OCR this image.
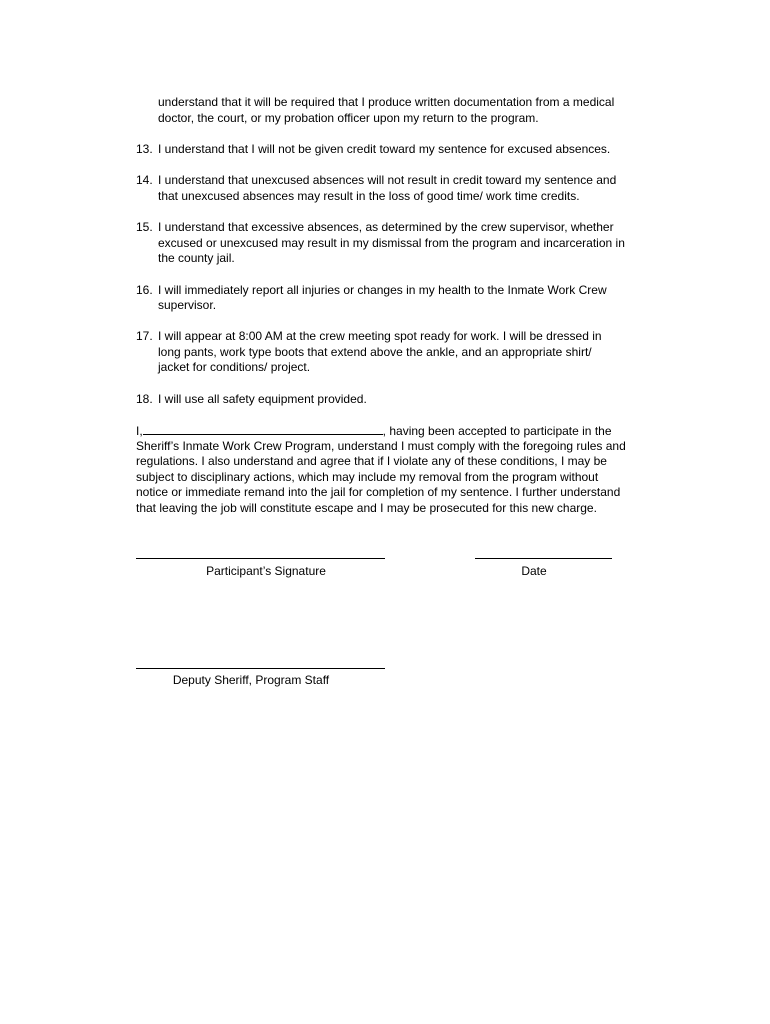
understand that it will be required that I produce written documentation from a medical
doctor, the court, or my probation officer upon my return to the program.
13. I understand that I will not be given credit toward my sentence for excused absences.
14. I understand that unexcused absences will not result in credit toward my sentence and
that unexcused absences may result in the loss of good time/ work time credits.
15. I understand that excessive absences, as determined by the crew supervisor, whether
excused or unexcused may result in my dismissal from the program and incarceration in
the county jail.
16. I will immediately report all injuries or changes in my health to the Inmate Work Crew
supervisor.
17. I will appear at 8:00 AM at the crew meeting spot ready for work. I will be dressed in
long pants, work type boots that extend above the ankle, and an appropriate shirt/
jacket for conditions/ project.
18. I will use all safety equipment provided.
I,	, having been accepted to participate in the
Sheriff’s Inmate Work Crew Program, understand I must comply with the foregoing rules and
regulations. I also understand and agree that if I violate any of these conditions, I may be
subject to disciplinary actions, which may include my removal from the program without
notice or immediate remand into the jail for completion of my sentence. I further understand
that leaving the job will constitute escape and I may be prosecuted for this new charge.
Participant’s Signature	Date
Deputy Sheriff, Program Staff
